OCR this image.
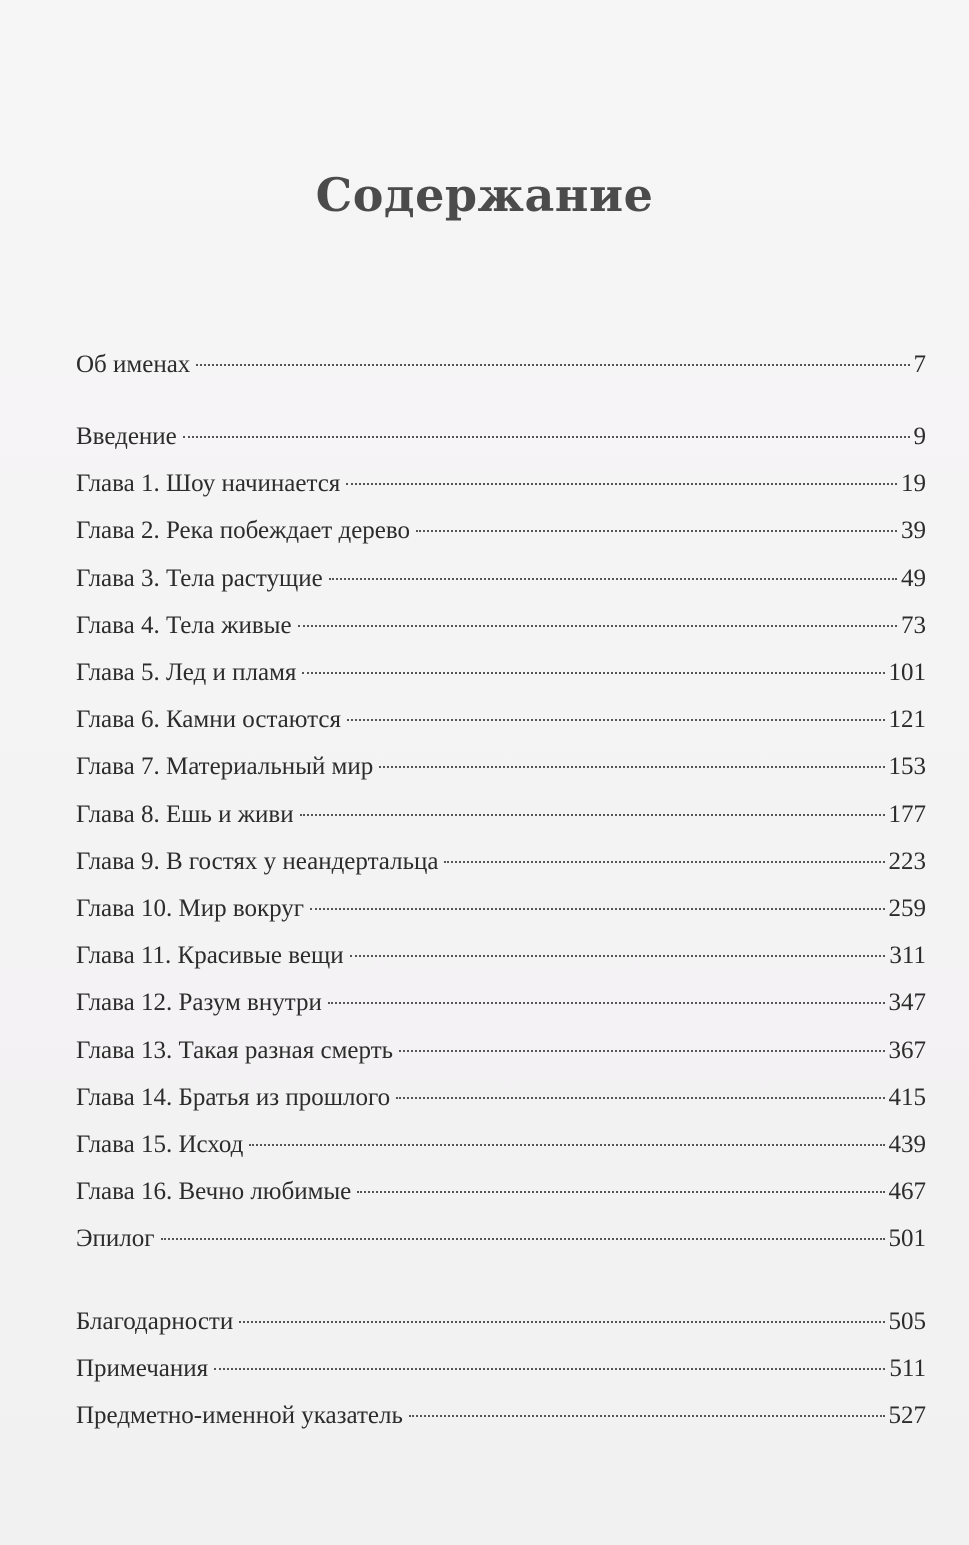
Содержание
Об именах	7
Введение	9
Глава 1. Шоу начинается	19
Глава 2. Река побеждает дерево	39
Глава 3. Тела растущие	49
Глава 4. Тела живые	73
Глава 5. Лед и пламя	101
Глава 6. Камни остаются	121
Глава 7. Материальный мир	153
Глава 8. Ешь и живи	177
Глава 9. В гостях у неандертальца	223
Глава 10. Мир вокруг	259
Глава 11. Красивые вещи	311
Глава 12. Разум внутри	347
Глава 13. Такая разная смерть	367
Глава 14. Братья из прошлого	415
Глава 15. Исход	439
Глава 16. Вечно любимые	467
Эпилог	501
Благодарности	505
Примечания	511
Предметно-именной указатель	527
